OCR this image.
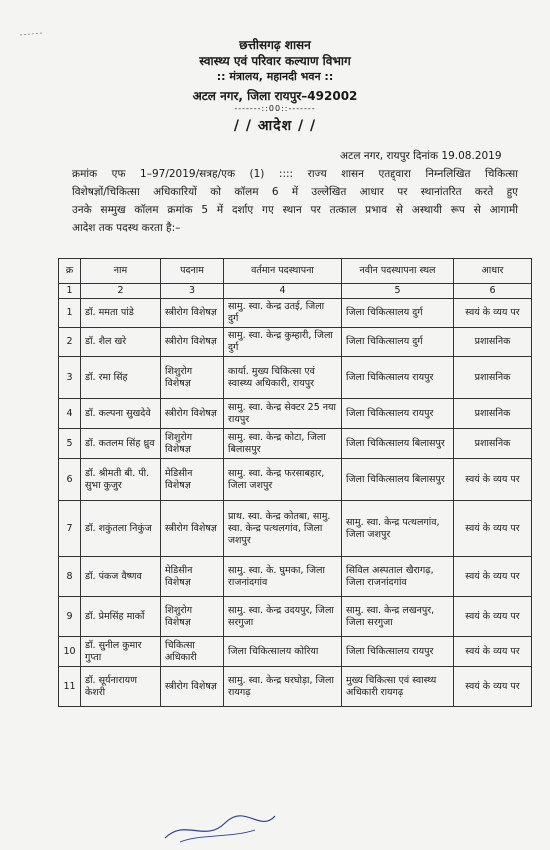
छत्तीसगढ़ शासन
स्वास्थ्य एवं परिवार कल्याण विभाग
:: मंत्रालय, महानदी भवन ::
अटल नगर, जिला रायपुर–492002
-------::00::-------
/ / आदेश / /
अटल नगर, रायपुर दिनांक 19.08.2019
क्रमांक एफ 1–97/2019/सत्रह/एक (1) :::: राज्य शासन एतद्द्वारा निम्नलिखित चिकित्सा
विशेषज्ञों/चिकित्सा अधिकारियों को कॉलम 6 में उल्लेखित आधार पर स्थानांतरित करते हुए
उनके सम्मुख कॉलम क्रमांक 5 में दर्शाए गए स्थान पर तत्काल प्रभाव से अस्थायी रूप से आगामी
आदेश तक पदस्थ करता है:–
क्र	नाम	पदनाम	वर्तमान पदस्थापना	नवीन पदस्थापना स्थल	आधार
1	2	3	4	5	6
1	डॉ. ममता पांडे	स्त्रीरोग विशेषज्ञ	सामु. स्वा. केन्द्र उतई, जिला दुर्ग	जिला चिकित्सालय दुर्ग	स्वयं के व्यय पर
2	डॉ. शैल खरे	स्त्रीरोग विशेषज्ञ	सामु. स्वा. केन्द्र कुम्हारी, जिला दुर्ग	जिला चिकित्सालय दुर्ग	प्रशासनिक
3	डॉ. रमा सिंह	शिशुरोग विशेषज्ञ	कार्या. मुख्य चिकित्सा एवं स्वास्थ्य अधिकारी, रायपुर	जिला चिकित्सालय रायपुर	प्रशासनिक
4	डॉ. कल्पना सुखदेवे	स्त्रीरोग विशेषज्ञ	सामु. स्वा. केन्द्र सेक्टर 25 नया रायपुर	जिला चिकित्सालय रायपुर	प्रशासनिक
5	डॉ. कतलम सिंह ध्रुव	शिशुरोग विशेषज्ञ	सामु. स्वा. केन्द्र कोटा, जिला बिलासपुर	जिला चिकित्सालय बिलासपुर	प्रशासनिक
6	डॉ. श्रीमती बी. पी. सुभा कुजुर	मेडिसीन विशेषज्ञ	सामु. स्वा. केन्द्र फरसाबहार, जिला जशपुर	जिला चिकित्सालय बिलासपुर	स्वयं के व्यय पर
7	डॉ. शकुंतला निकुंज	स्त्रीरोग विशेषज्ञ	प्राथ. स्वा. केन्द्र कोतबा, सामु. स्वा. केन्द्र पत्थलगांव, जिला जशपुर	सामु. स्वा. केन्द्र पत्थलगांव, जिला जशपुर	स्वयं के व्यय पर
8	डॉ. पंकज वैष्णव	मेडिसीन विशेषज्ञ	सामु. स्वा. के. घुमका, जिला राजनांदगांव	सिविल अस्पताल खैरागढ़, जिला राजनांदगांव	स्वयं के व्यय पर
9	डॉ. प्रेमसिंह मार्को	शिशुरोग विशेषज्ञ	सामु. स्वा. केन्द्र उदयपुर, जिला सरगुजा	सामु. स्वा. केन्द्र लखनपुर, जिला सरगुजा	स्वयं के व्यय पर
10	डॉ. सुनील कुमार गुप्ता	चिकित्सा अधिकारी	जिला चिकित्सालय कोरिया	जिला चिकित्सालय रायपुर	स्वयं के व्यय पर
11	डॉ. सूर्यनारायण केशरी	स्त्रीरोग विशेषज्ञ	सामु. स्वा. केन्द्र घरघोड़ा, जिला रायगढ़	मुख्य चिकित्सा एवं स्वास्थ्य अधिकारी रायगढ़	स्वयं के व्यय पर
